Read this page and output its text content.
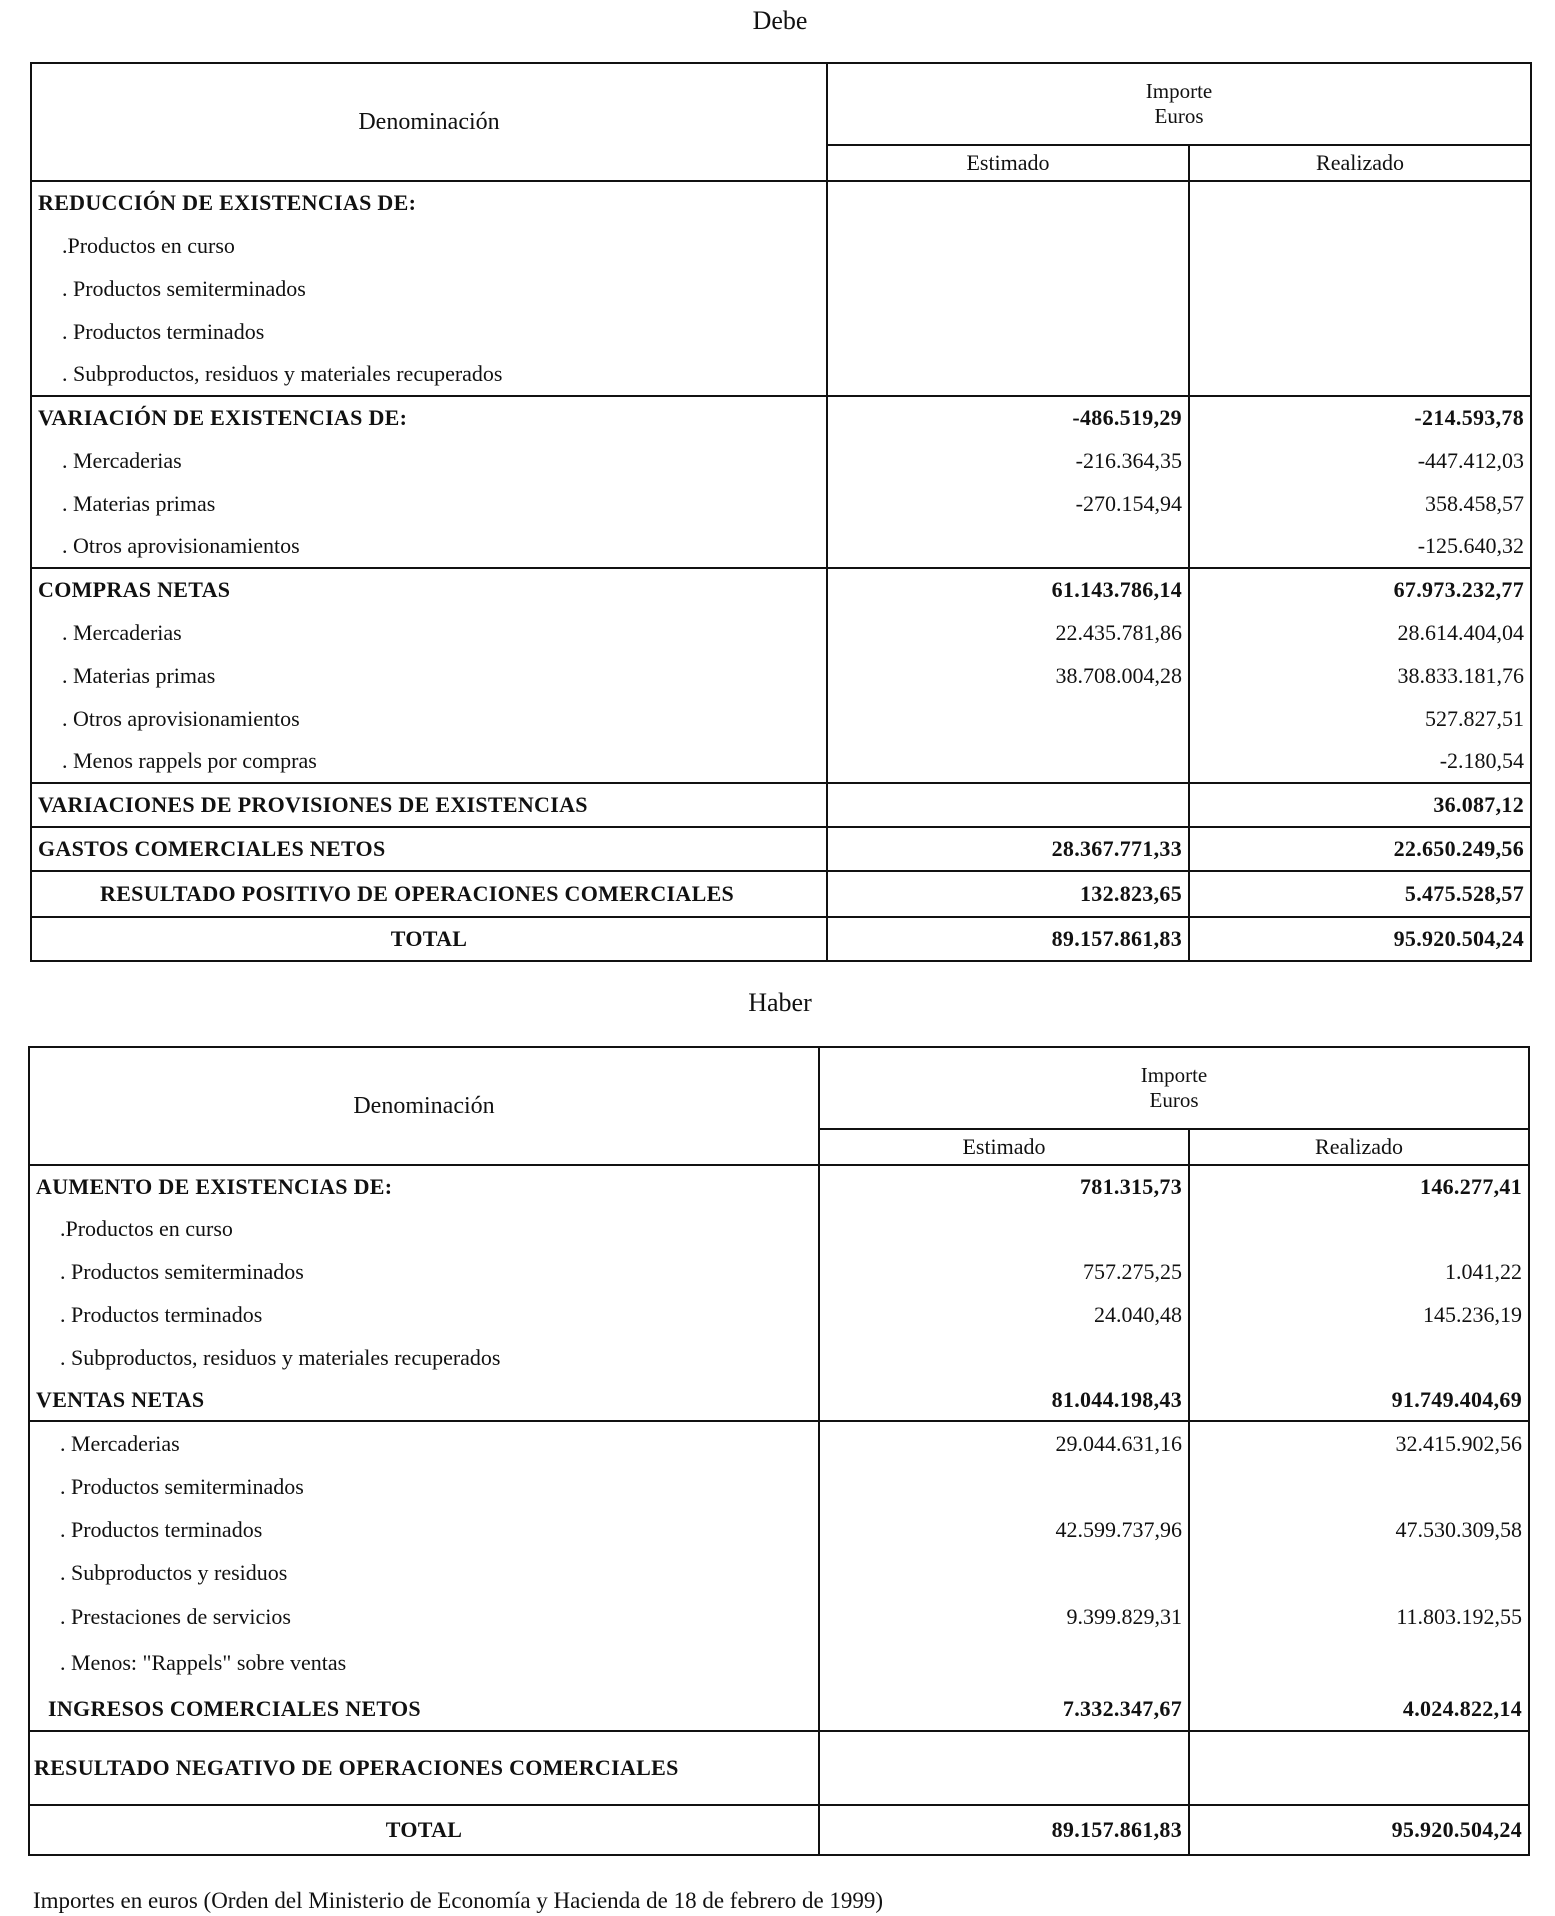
Debe
Denominación	Importe
Euros	

	Estimado	Realizado
REDUCCIÓN DE EXISTENCIAS DE:		
.Productos en curso		
. Productos semiterminados		
. Productos terminados		
. Subproductos, residuos y materiales recuperados		
VARIACIÓN DE EXISTENCIAS DE:	-486.519,29	-214.593,78
. Mercaderias	-216.364,35	-447.412,03
. Materias primas	-270.154,94	358.458,57
. Otros aprovisionamientos		-125.640,32
COMPRAS NETAS	61.143.786,14	67.973.232,77
. Mercaderias	22.435.781,86	28.614.404,04
. Materias primas	38.708.004,28	38.833.181,76
. Otros aprovisionamientos		527.827,51
. Menos rappels por compras		-2.180,54
VARIACIONES DE PROVISIONES DE EXISTENCIAS		36.087,12
GASTOS COMERCIALES NETOS	28.367.771,33	22.650.249,56
RESULTADO POSITIVO DE OPERACIONES COMERCIALES	132.823,65	5.475.528,57
TOTAL	89.157.861,83	95.920.504,24
Haber
Denominación	Importe
Euros	

	Estimado	Realizado
AUMENTO DE EXISTENCIAS DE:	781.315,73	146.277,41
.Productos en curso		
. Productos semiterminados	757.275,25	1.041,22
. Productos terminados	24.040,48	145.236,19
. Subproductos, residuos y materiales recuperados		
VENTAS NETAS	81.044.198,43	91.749.404,69
. Mercaderias	29.044.631,16	32.415.902,56
. Productos semiterminados		
. Productos terminados	42.599.737,96	47.530.309,58
. Subproductos y residuos		
. Prestaciones de servicios	9.399.829,31	11.803.192,55
. Menos: "Rappels" sobre ventas		
INGRESOS COMERCIALES NETOS	7.332.347,67	4.024.822,14
RESULTADO NEGATIVO DE OPERACIONES COMERCIALES		
TOTAL	89.157.861,83	95.920.504,24
Importes en euros (Orden del Ministerio de Economía y Hacienda de 18 de febrero de 1999)
